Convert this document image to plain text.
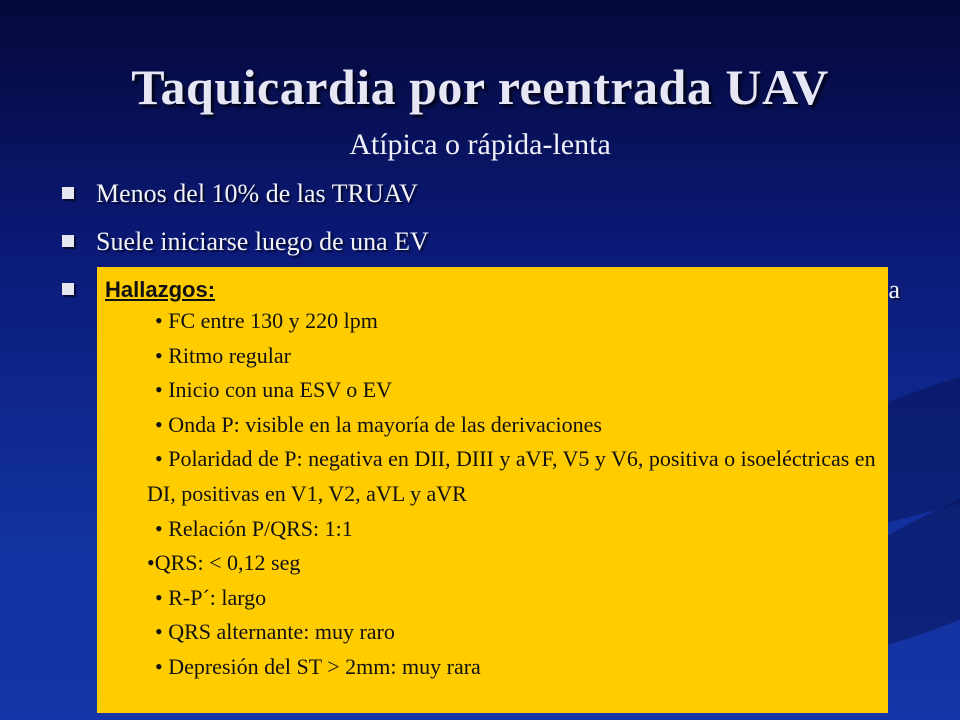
Taquicardia por reentrada UAV

Atípica o rápida-lenta

Menos del 10% de las TRUAV
Suele iniciarse luego de una EV
a

Hallazgos:

• FC entre 130 y 220 lpm
• Ritmo regular
• Inicio con una ESV o EV
• Onda P: visible en la mayoría de las derivaciones
• Polaridad de P: negativa en DII, DIII y aVF, V5 y V6, positiva o isoeléctricas en DI, positivas en V1, V2, aVL y aVR
• Relación P/QRS: 1:1
•QRS: < 0,12 seg
• R-P´: largo
• QRS alternante: muy raro
• Depresión del ST > 2mm: muy rara
